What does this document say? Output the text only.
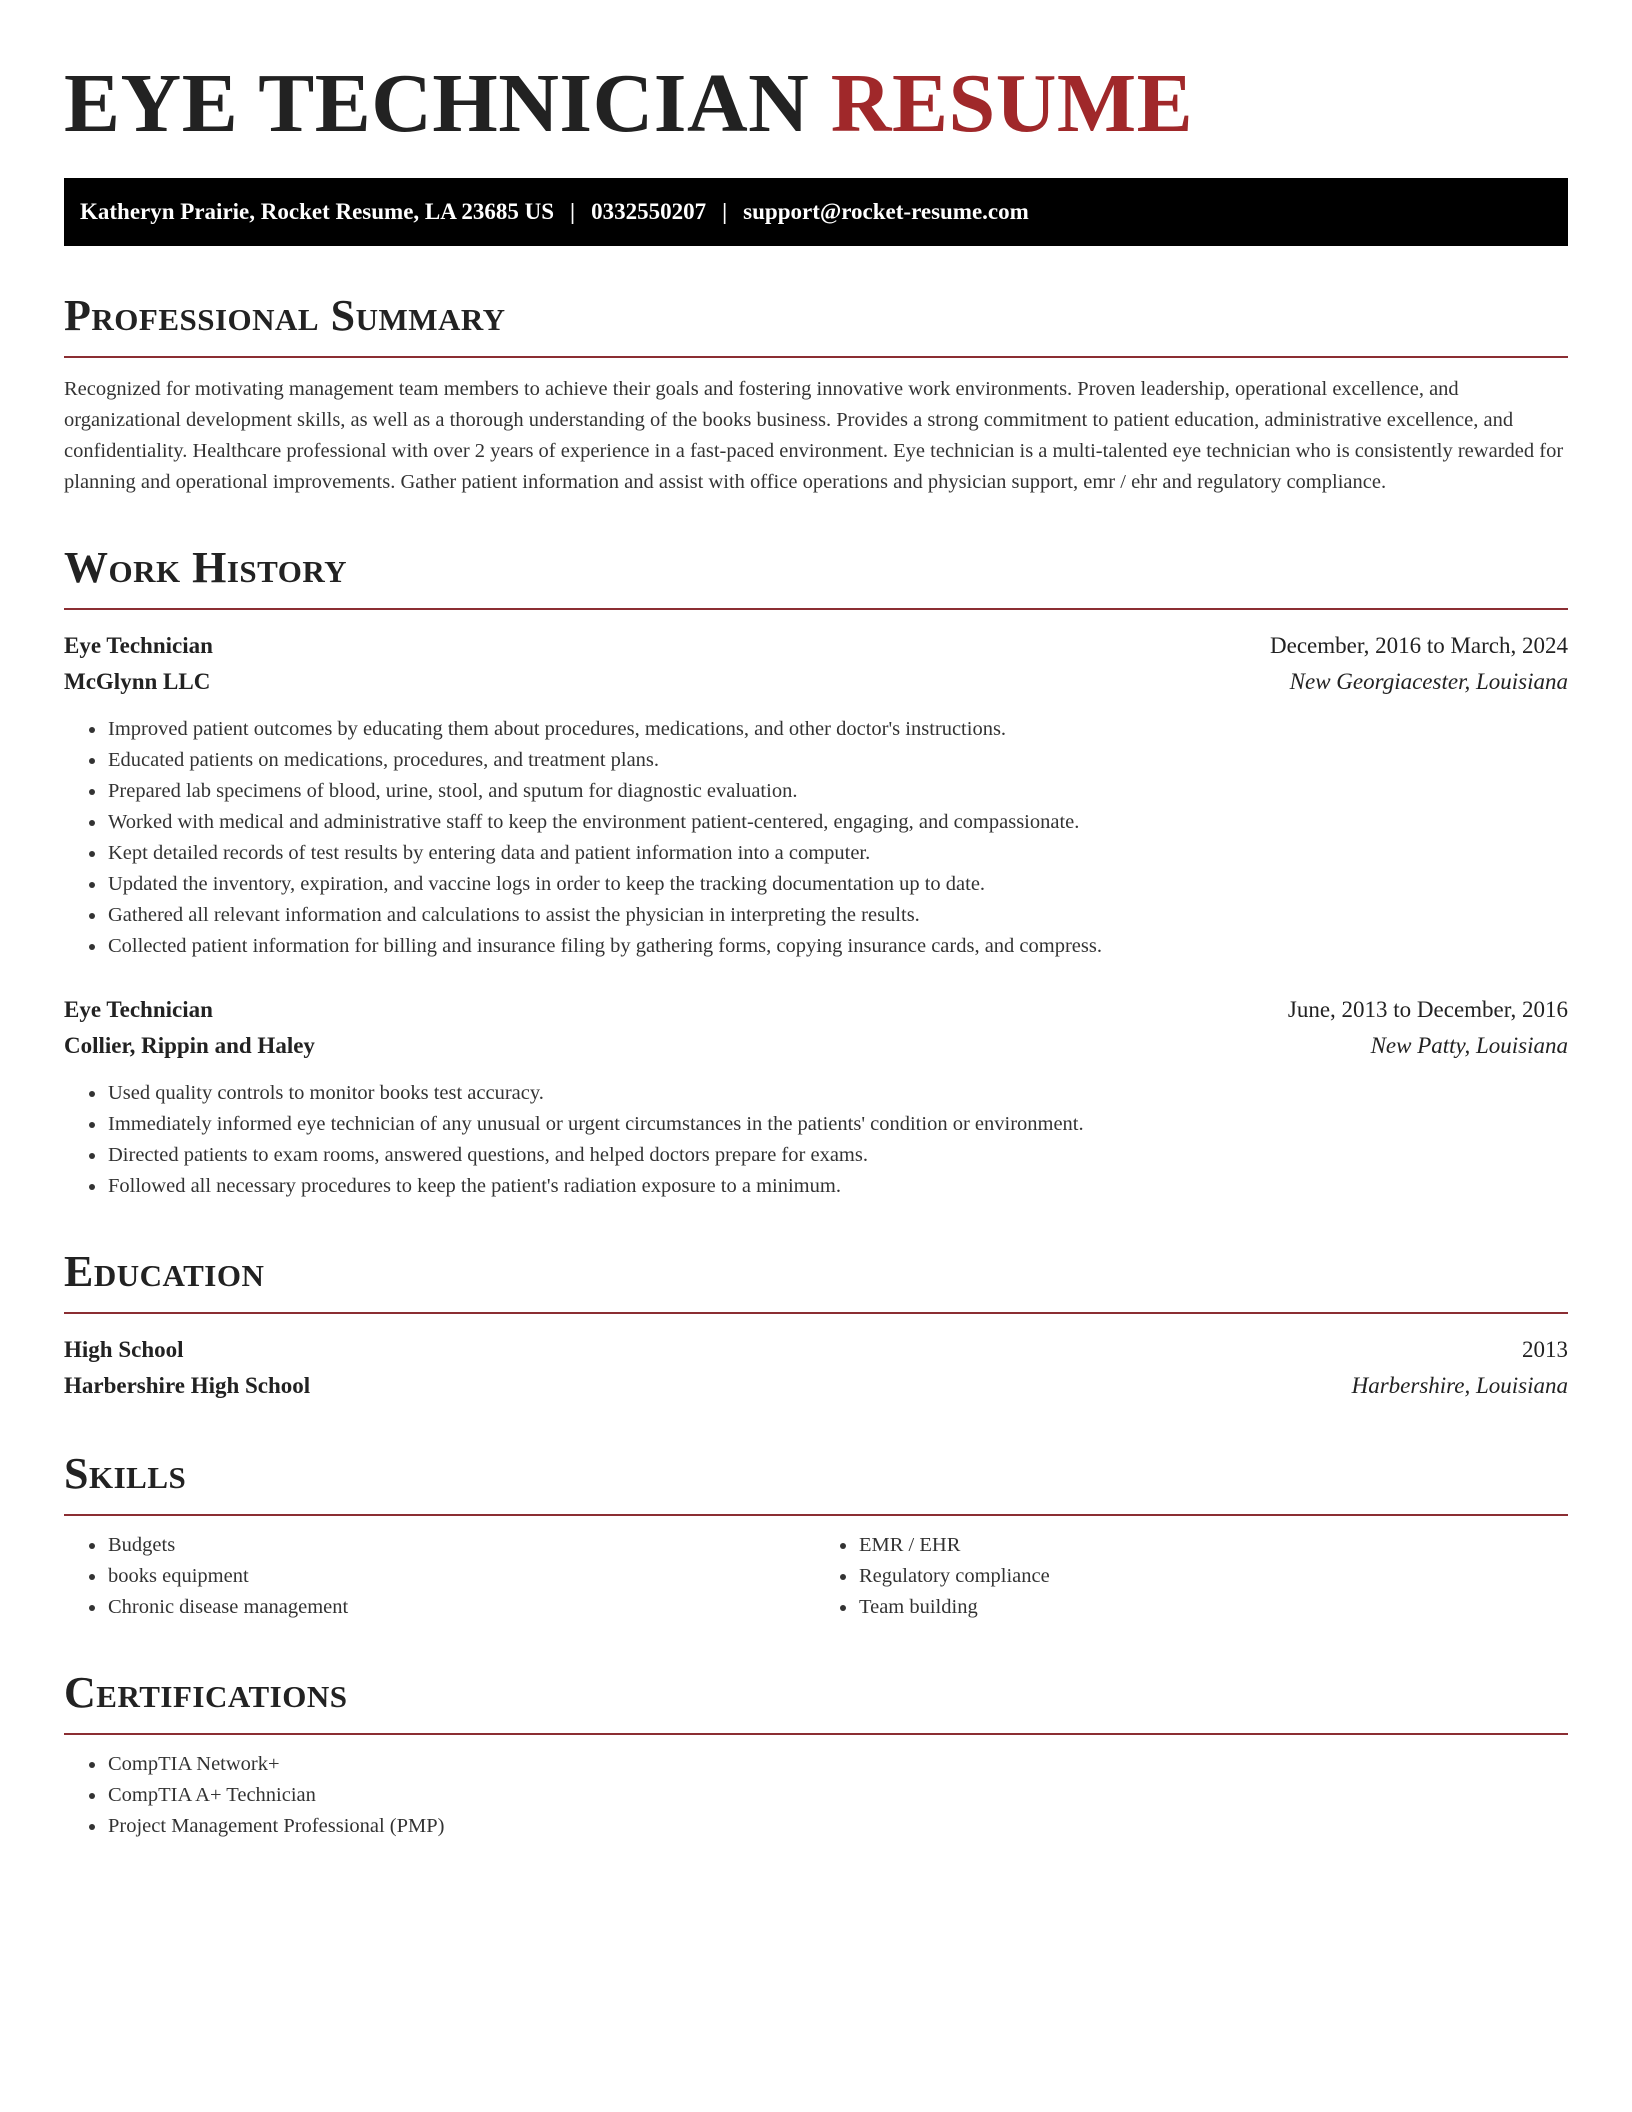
EYE TECHNICIAN RESUME
Katheryn Prairie, Rocket Resume, LA 23685 US | 0332550207 | support@rocket-resume.com
Professional Summary

Recognized for motivating management team members to achieve their goals and fostering innovative work environments. Proven leadership, operational excellence, and organizational development skills, as well as a thorough understanding of the books business. Provides a strong commitment to patient education, administrative excellence, and confidentiality. Healthcare professional with over 2 years of experience in a fast-paced environment. Eye technician is a multi-talented eye technician who is consistently rewarded for planning and operational improvements. Gather patient information and assist with office operations and physician support, emr / ehr and regulatory compliance.

Work History
Eye Technician	December, 2016 to March, 2024
McGlynn LLC	New Georgiacester, Louisiana
• Improved patient outcomes by educating them about procedures, medications, and other doctor's instructions.
• Educated patients on medications, procedures, and treatment plans.
• Prepared lab specimens of blood, urine, stool, and sputum for diagnostic evaluation.
• Worked with medical and administrative staff to keep the environment patient-centered, engaging, and compassionate.
• Kept detailed records of test results by entering data and patient information into a computer.
• Updated the inventory, expiration, and vaccine logs in order to keep the tracking documentation up to date.
• Gathered all relevant information and calculations to assist the physician in interpreting the results.
• Collected patient information for billing and insurance filing by gathering forms, copying insurance cards, and compress.
Eye Technician	June, 2013 to December, 2016
Collier, Rippin and Haley	New Patty, Louisiana
• Used quality controls to monitor books test accuracy.
• Immediately informed eye technician of any unusual or urgent circumstances in the patients' condition or environment.
• Directed patients to exam rooms, answered questions, and helped doctors prepare for exams.
• Followed all necessary procedures to keep the patient's radiation exposure to a minimum.
Education
High School	2013
Harbershire High School	Harbershire, Louisiana
Skills
• Budgets
• books equipment
• Chronic disease management
• EMR / EHR
• Regulatory compliance
• Team building
Certifications
• CompTIA Network+
• CompTIA A+ Technician
• Project Management Professional (PMP)
